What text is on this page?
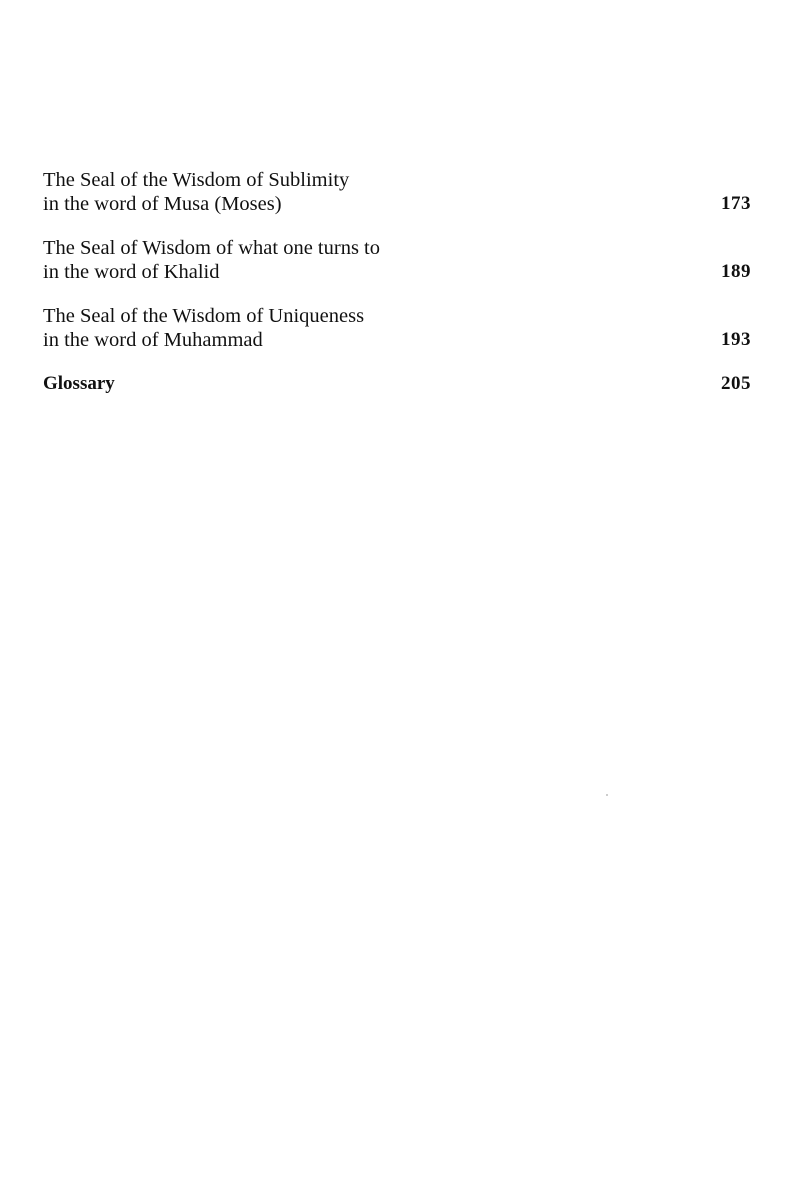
The Seal of the Wisdom of Sublimity
in the word of Musa (Moses)	173
The Seal of Wisdom of what one turns to
in the word of Khalid	189
The Seal of the Wisdom of Uniqueness
in the word of Muhammad	193
Glossary	205
